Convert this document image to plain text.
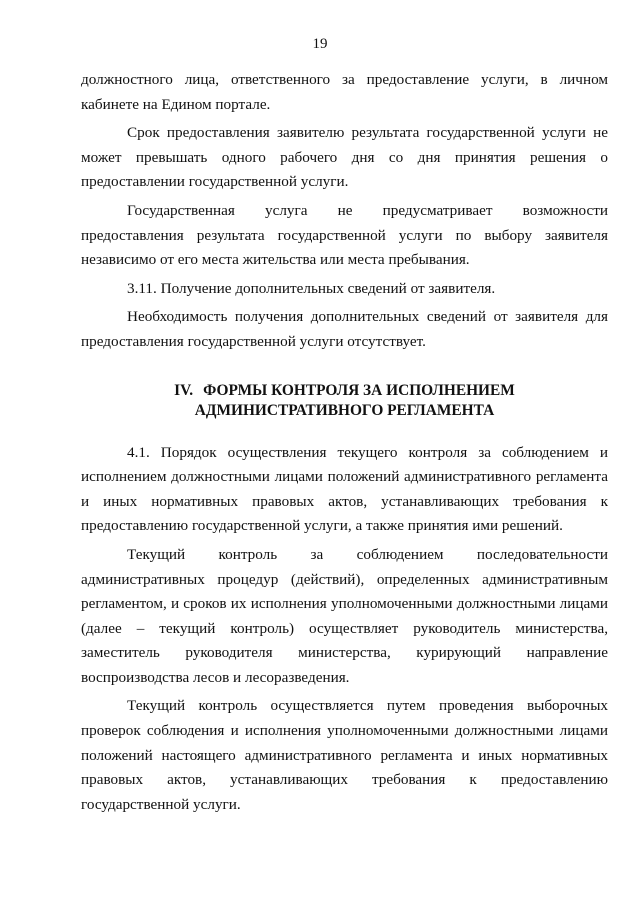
19

должностного лица, ответственного за предоставление услуги, в личном кабинете на Едином портале.

Срок предоставления заявителю результата государственной услуги не может превышать одного рабочего дня со дня принятия решения о предоставлении государственной услуги.

Государственная услуга не предусматривает возможности предоставления результата государственной услуги по выбору заявителя независимо от его места жительства или места пребывания.

3.11. Получение дополнительных сведений от заявителя.

Необходимость получения дополнительных сведений от заявителя для предоставления государственной услуги отсутствует.

IV. ФОРМЫ КОНТРОЛЯ ЗА ИСПОЛНЕНИЕМ
АДМИНИСТРАТИВНОГО РЕГЛАМЕНТА

4.1. Порядок осуществления текущего контроля за соблюдением и исполнением должностными лицами положений административного регламента и иных нормативных правовых актов, устанавливающих требования к предоставлению государственной услуги, а также принятия ими решений.

Текущий контроль за соблюдением последовательности административных процедур (действий), определенных административным регламентом, и сроков их исполнения уполномоченными должностными лицами (далее – текущий контроль) осуществляет руководитель министерства, заместитель руководителя министерства, курирующий направление воспроизводства лесов и лесоразведения.

Текущий контроль осуществляется путем проведения выборочных проверок соблюдения и исполнения уполномоченными должностными лицами положений настоящего административного регламента и иных нормативных правовых актов, устанавливающих требования к предоставлению государственной услуги.
